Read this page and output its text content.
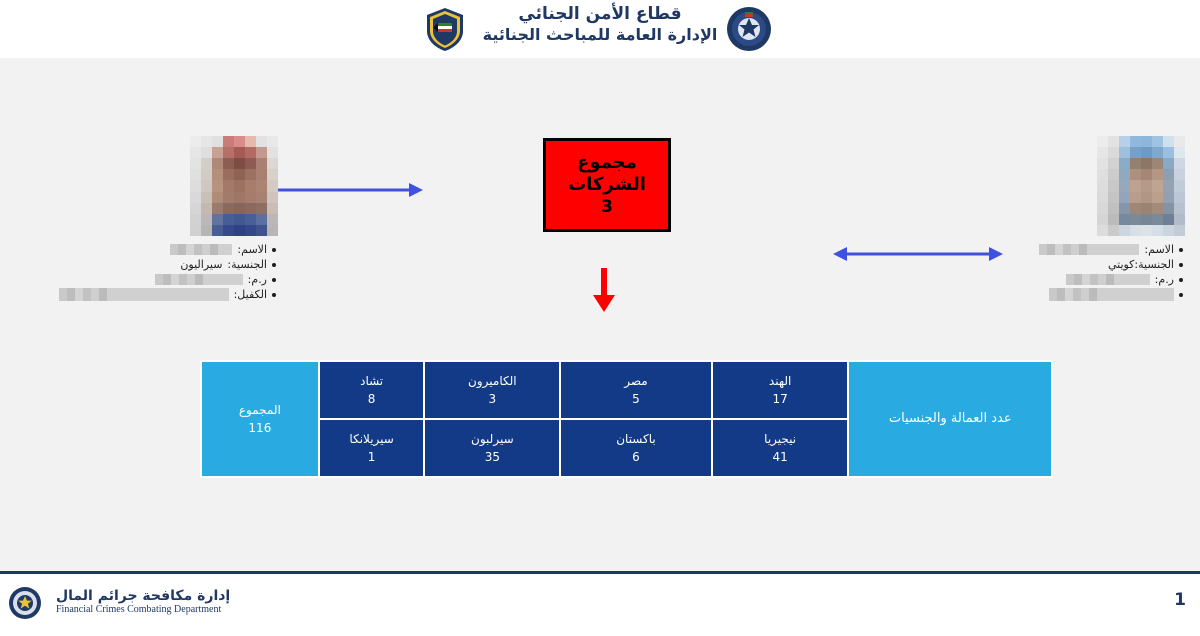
قطاع الأمن الجنائي
الإدارة العامة للمباحث الجنائية
مجموع الشركات
3
الاسم:
الجنسية:
سيراليون
ر.م:
الكفيل:
الاسم:
الجنسية:كويتي
ر.م:
عدد العمالة والجنسيات
الهند
17
نيجيريا
41
مصر
5
باكستان
6
الكاميرون
3
سيرلبون
35
تشاد
8
سيريلانكا
1
المجموع
116
إدارة مكافحة جرائم المال
Financial Crimes Combating Department	1
